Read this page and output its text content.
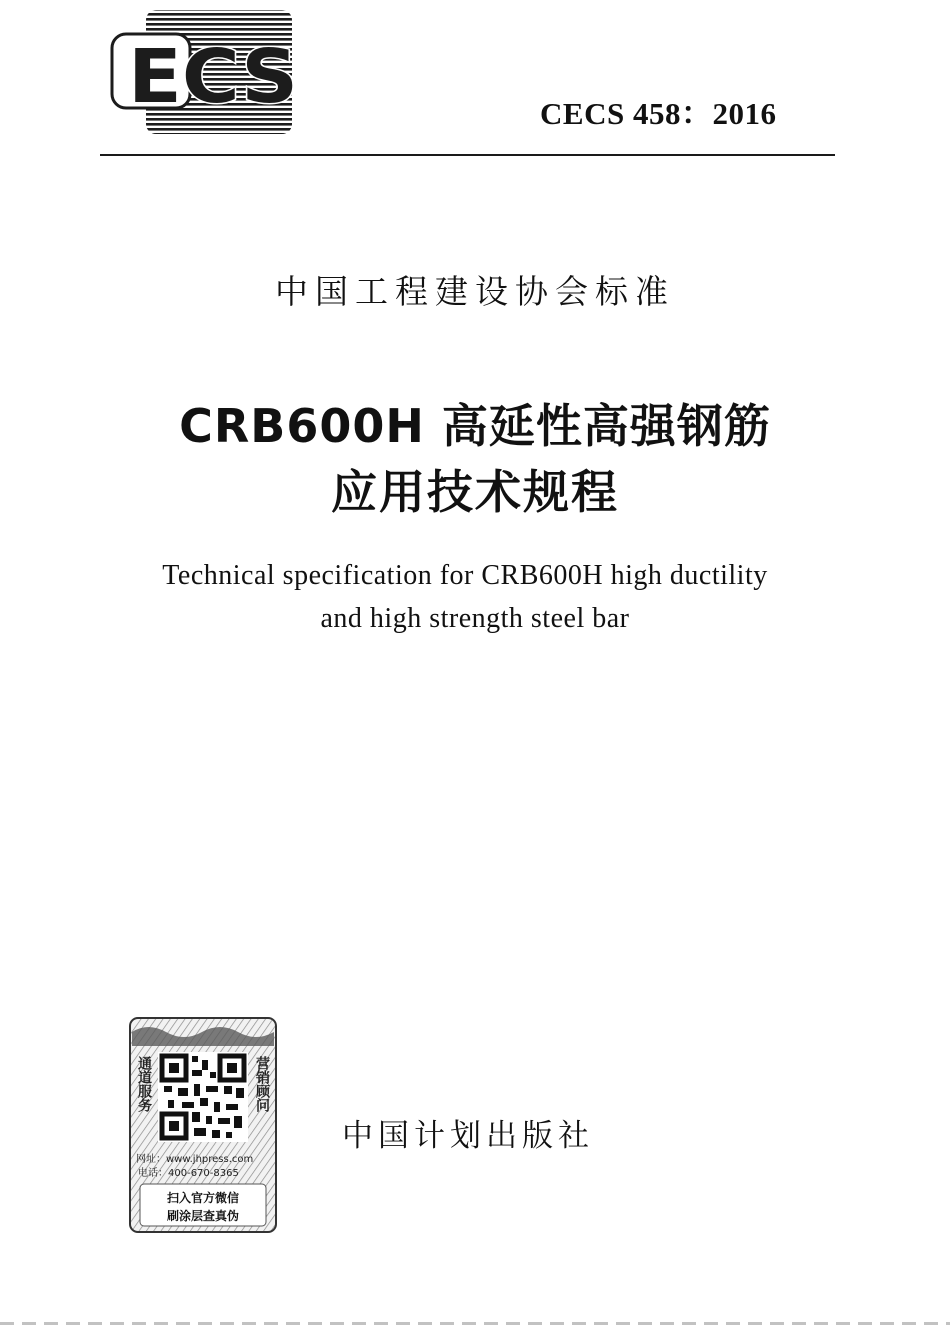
ECS	CECS 458：2016
中国工程建设协会标准
CRB600H 高延性高强钢筋
应用技术规程
Technical specification for CRB600H high ductility
and high strength steel bar
通道服务	营销顾问
网址：www.jhpress.com
电话：400-670-8365
扫入官方微信
刷涂层查真伪
中国计划出版社
